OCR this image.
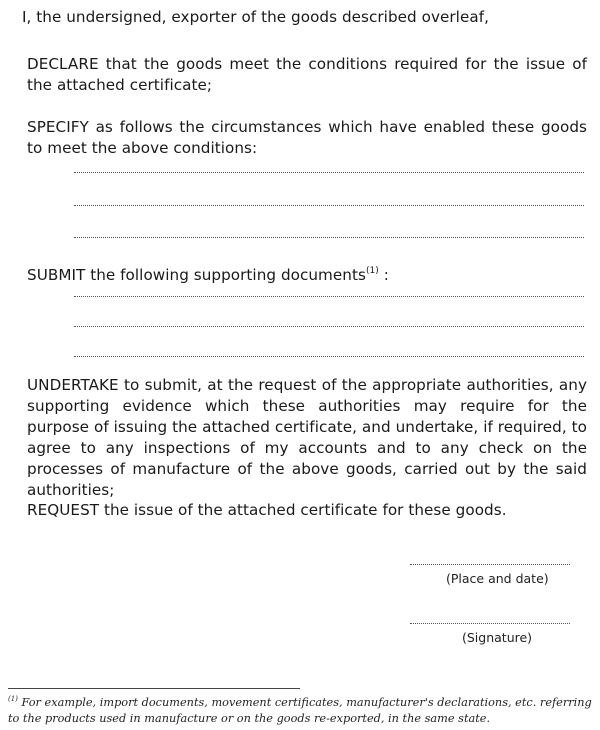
I, the undersigned, exporter of the goods described overleaf,
DECLARE that the goods meet the conditions required for the issue of the attached certificate;
SPECIFY as follows the circumstances which have enabled these goods to meet the above conditions:
SUBMIT the following supporting documents$^{(1)}$ :
UNDERTAKE to submit, at the request of the appropriate authorities, any supporting evidence which these authorities may require for the purpose of issuing the attached certificate, and undertake, if required, to agree to any inspections of my accounts and to any check on the processes of manufacture of the above goods, carried out by the said authorities;
REQUEST the issue of the attached certificate for these goods.
(Place and date)
(Signature)
$^{(1)}$ For example, import documents, movement certificates, manufacturer's declarations, etc. referring to the products used in manufacture or on the goods re-exported, in the same state.
